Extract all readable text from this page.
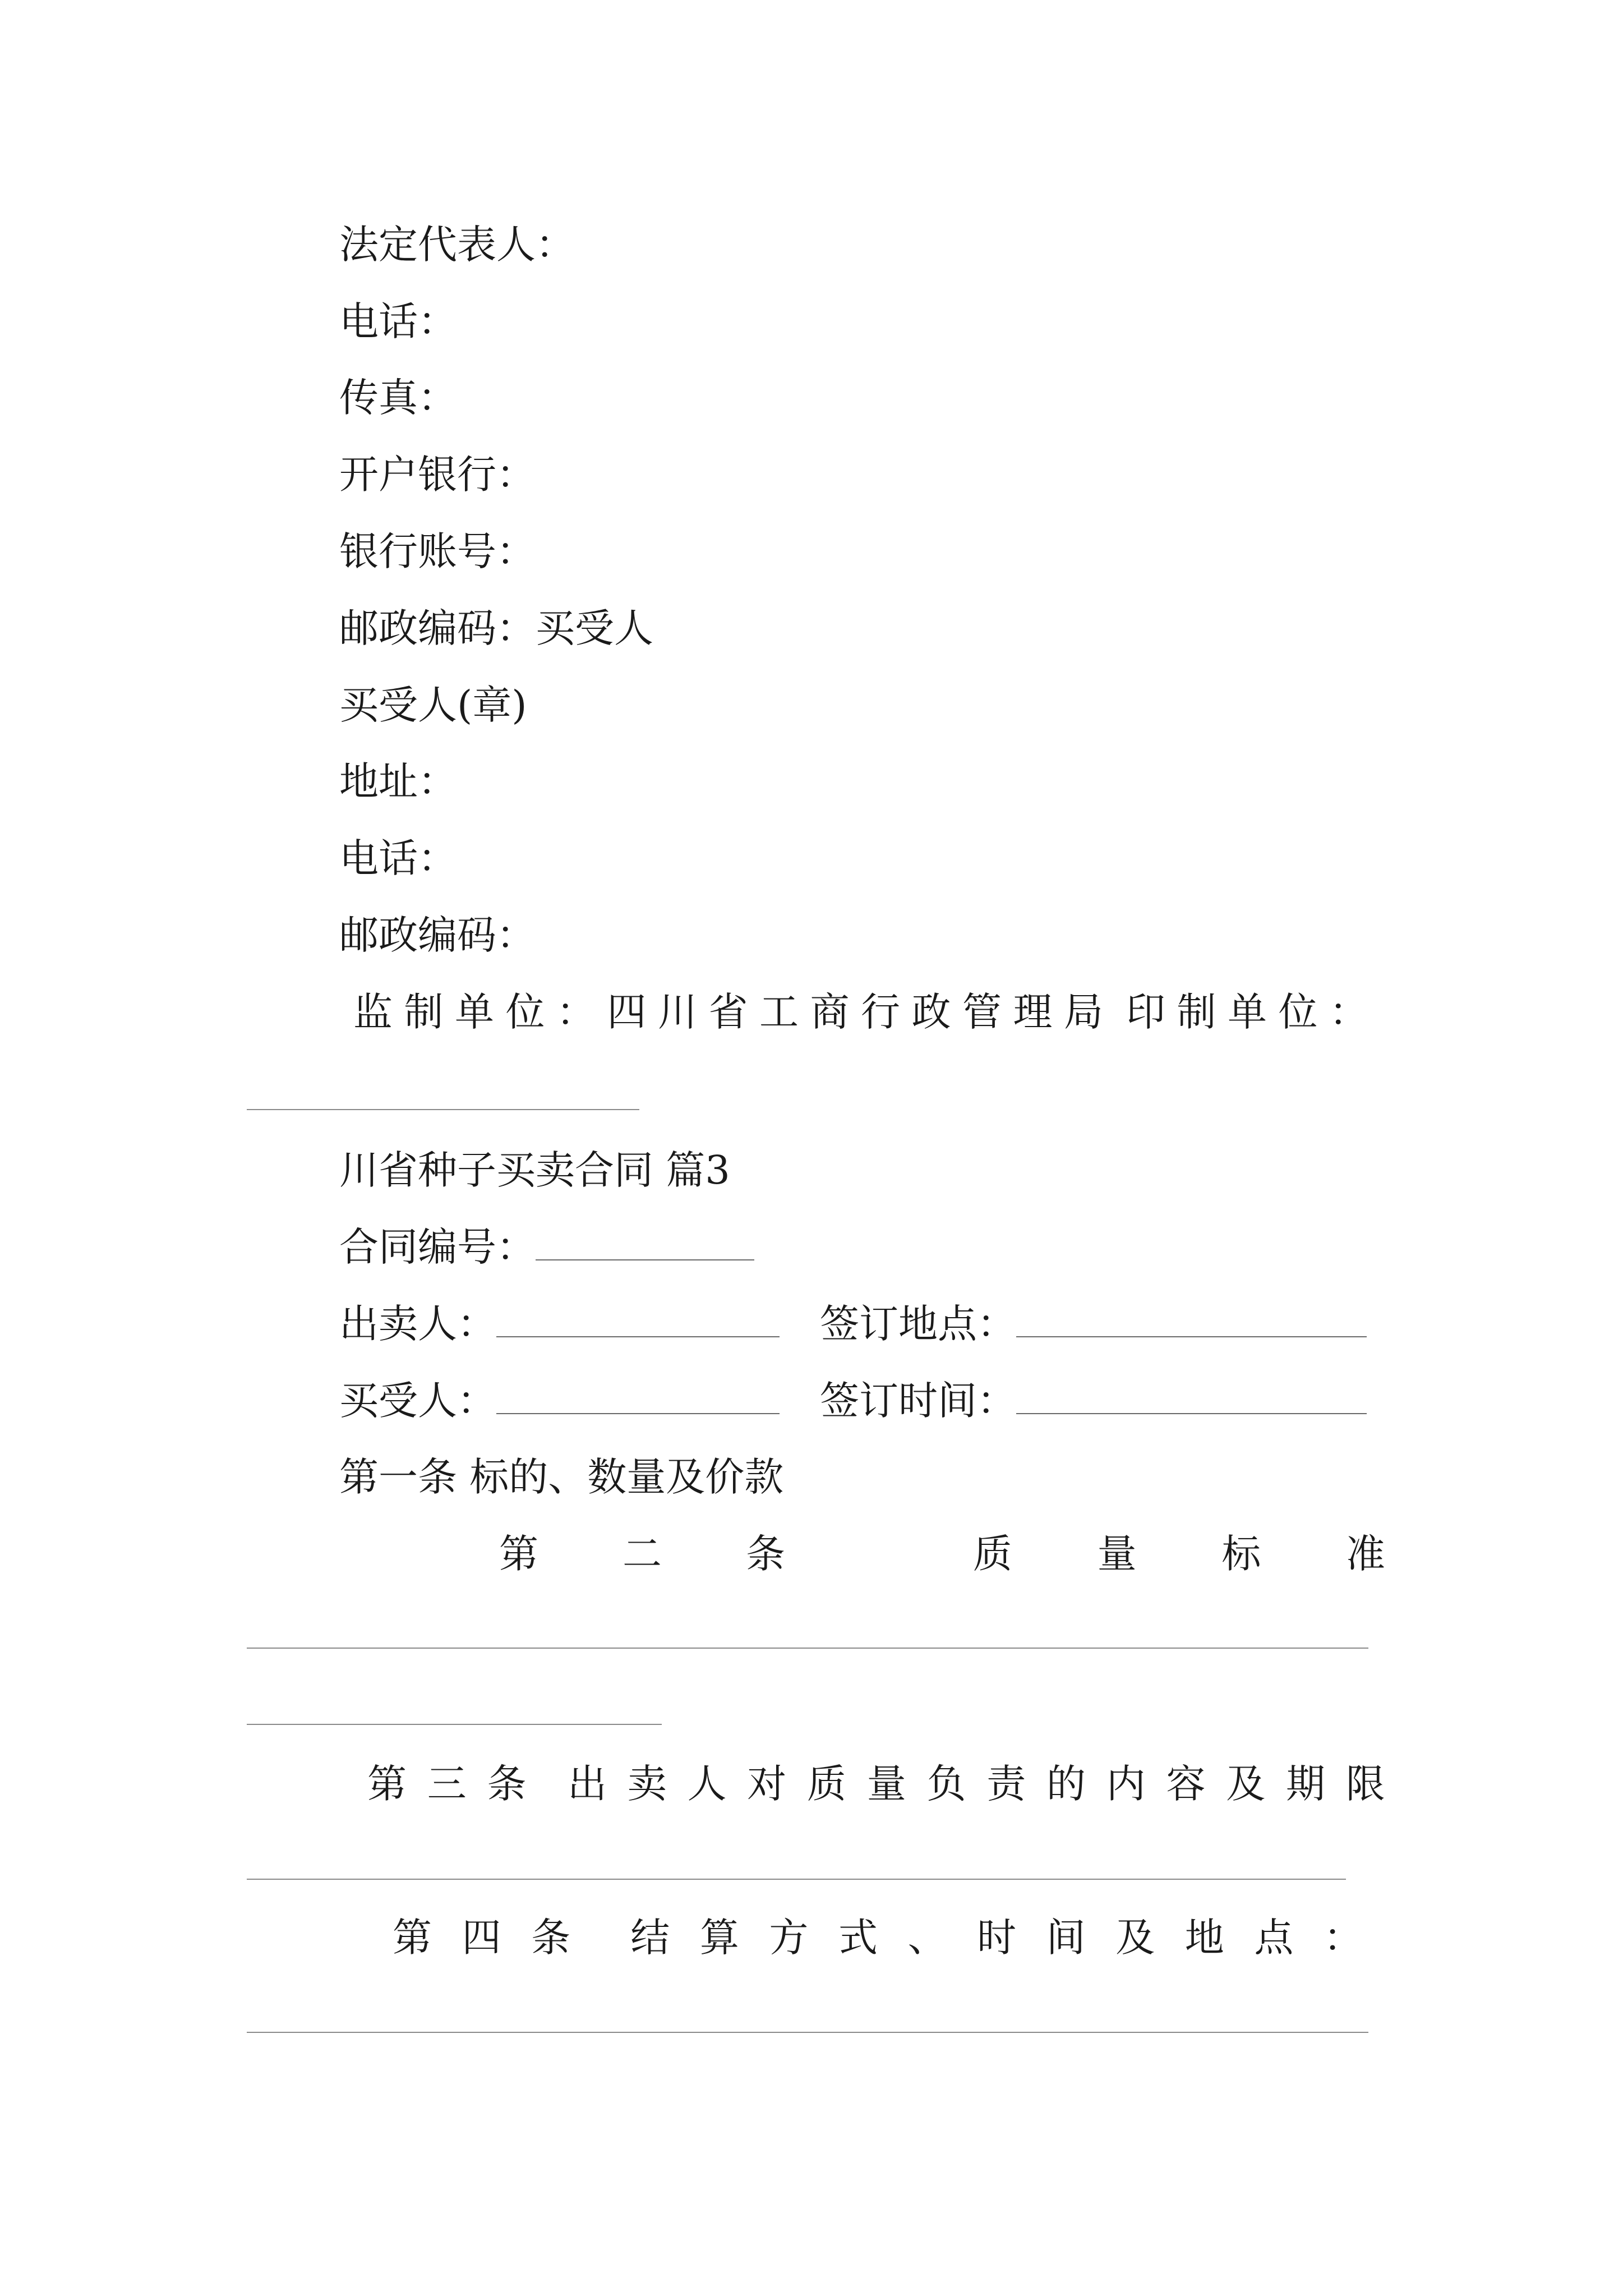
法定代表人：
电话：
传真：
开户银行：
银行账号：
邮政编码：买受人
买受人(章)
地址：
电话：
邮政编码：
监 制 单 位 ： 四 川 省 工 商 行 政 管 理 局 印 制 单 位 ：
川省种子买卖合同 篇3
合同编号：
出卖人：	签订地点：
买受人：	签订时间：
第一条 标的、数量及价款
第 二 条	质 量 标 准
第 三 条 出 卖 人 对 质 量 负 责 的 内 容 及 期 限
第 四 条 结 算 方 式 、 时 间 及 地 点 ：
